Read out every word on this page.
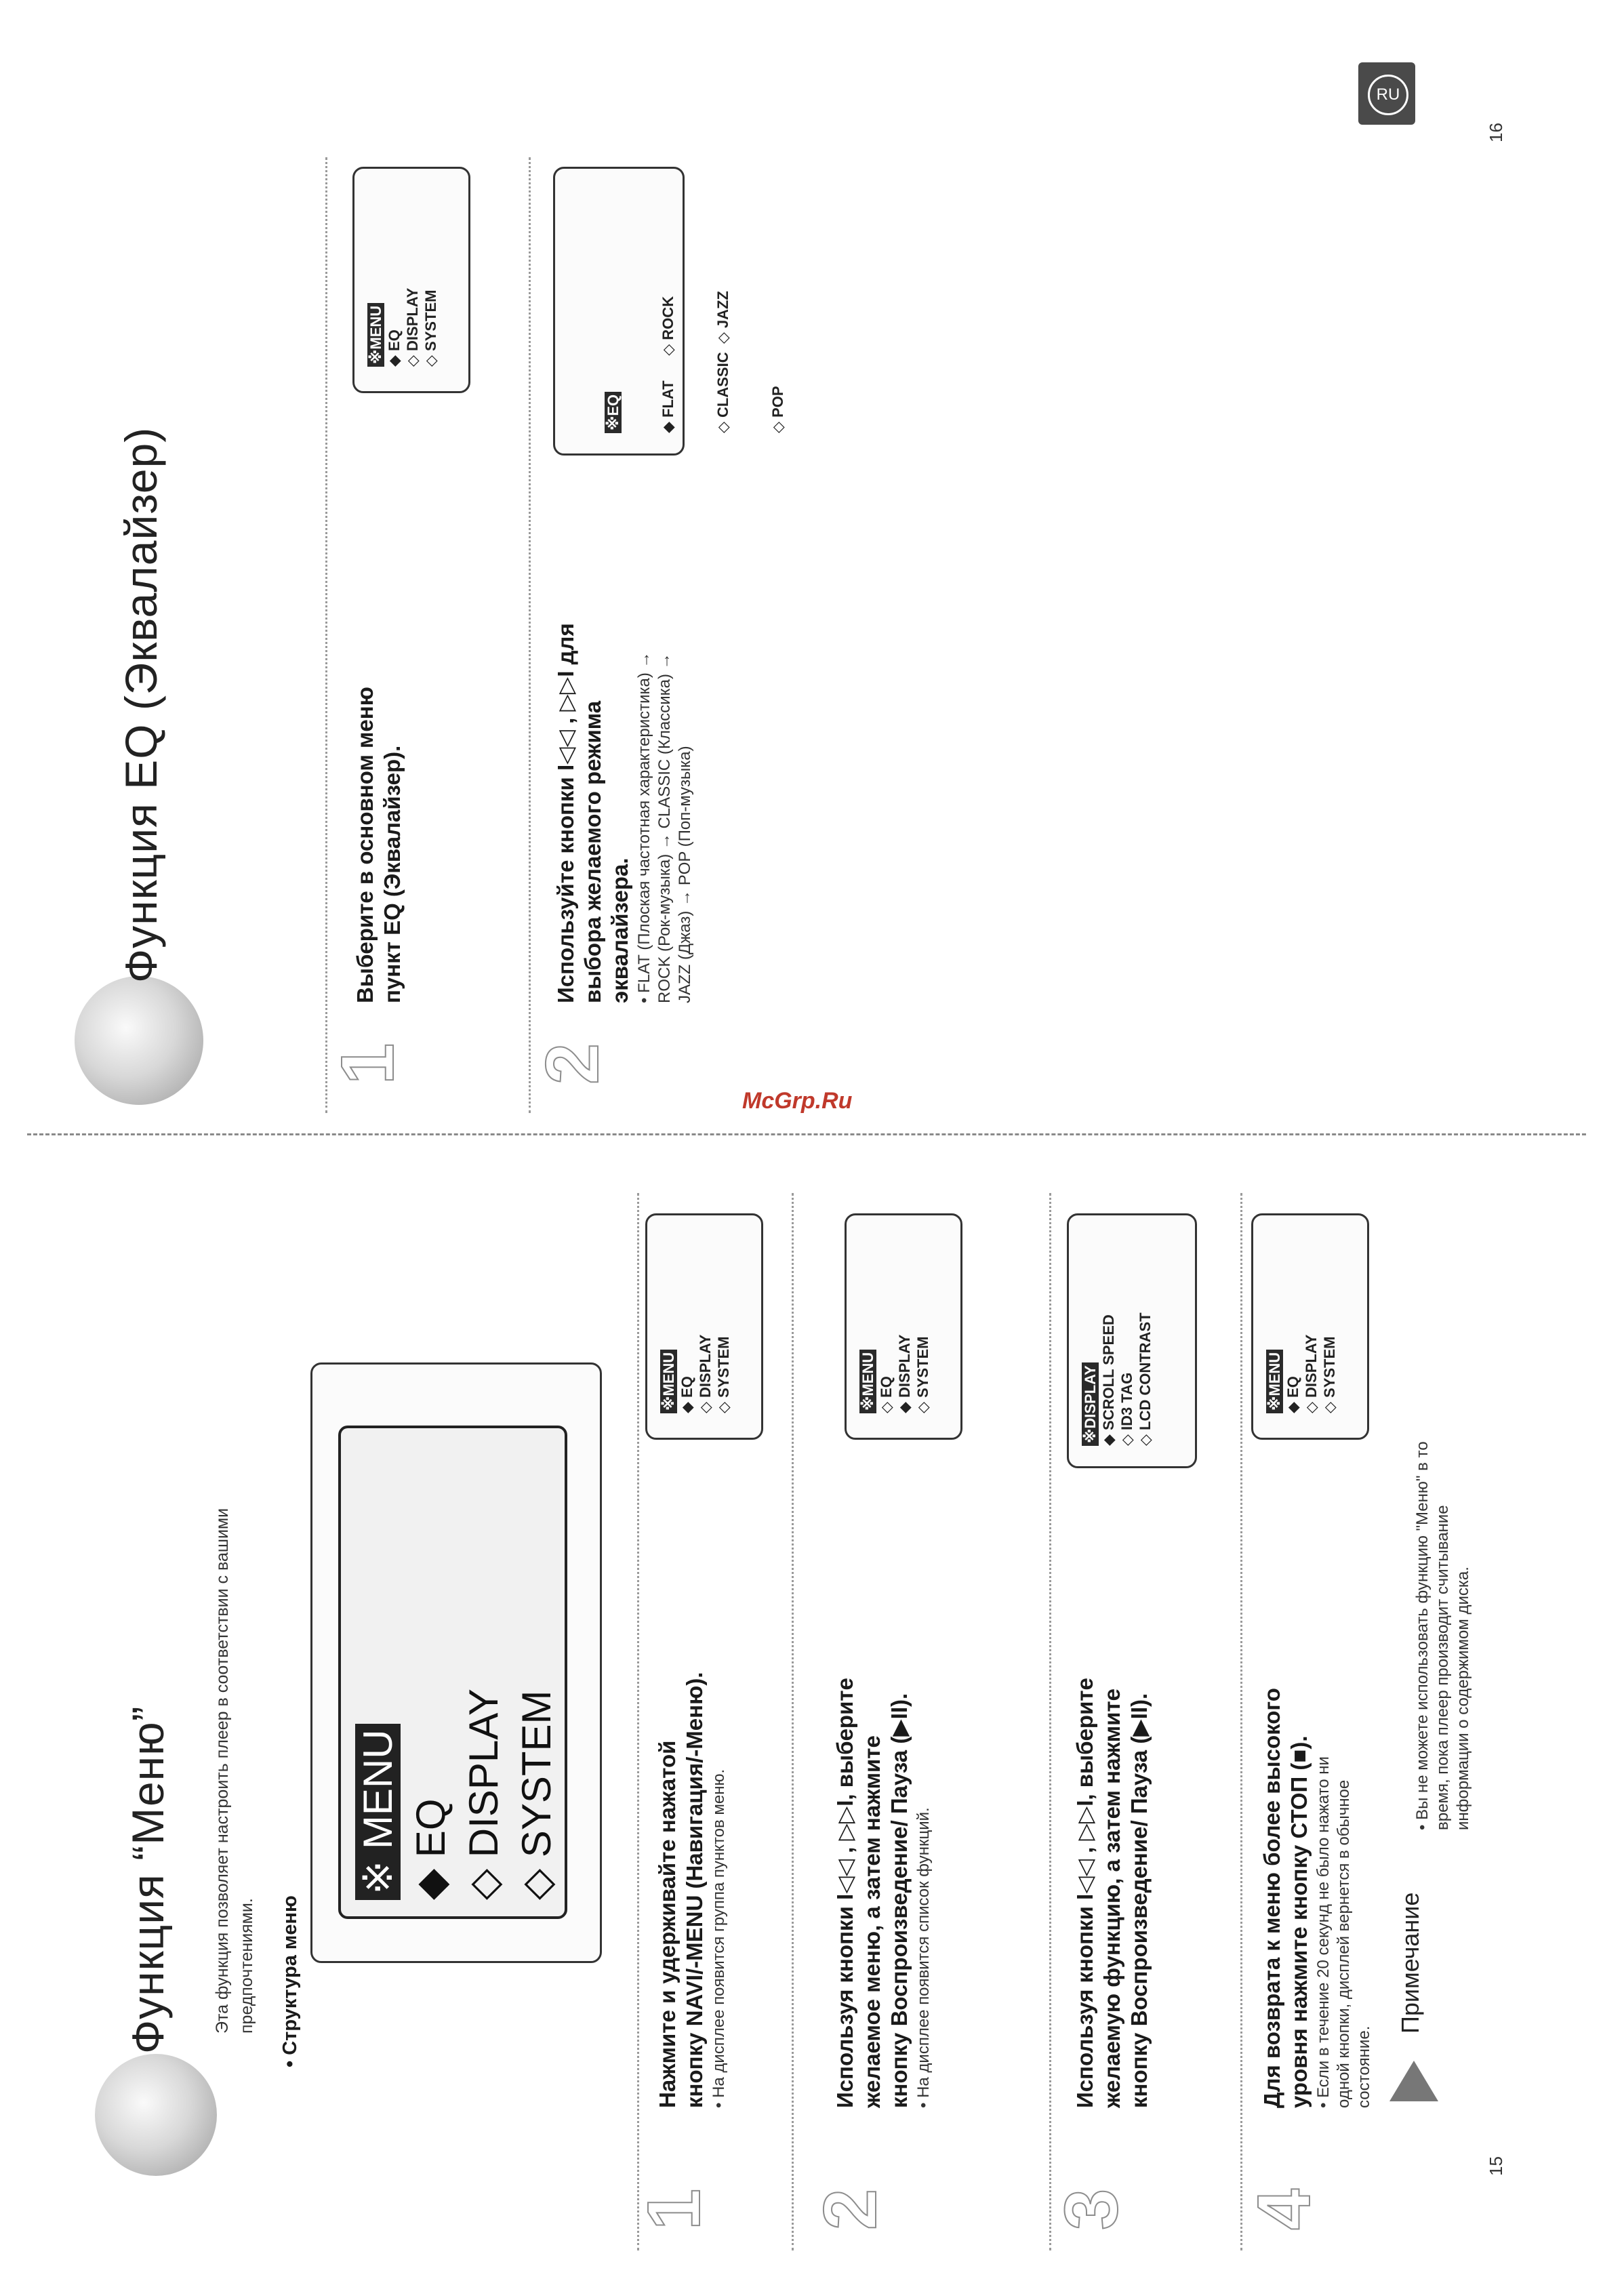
Функция “Меню” Эта функция позволяет настроить плеер в соответствии с вашими предпочтениями. • Структура меню
※ MENU ◆ EQ ◇ DISPLAY ◇ SYSTEM
1
Нажмите и удерживайте нажатой кнопку NAVI/-MENU (Навигация/-Меню). • На дисплее появится группа пунктов меню.
※MENU ◆ EQ ◇ DISPLAY ◇ SYSTEM
2
Используя кнопки I◁◁ , ▷▷I, выберите желаемое меню, а затем нажмите кнопку Воспроизведение/ Пауза (▶II). • На дисплее появится список функций.
※MENU ◇ EQ ◆ DISPLAY ◇ SYSTEM
3
Используя кнопки I◁◁ , ▷▷I, выберите желаемую функцию, а затем нажмите кнопку Воспроизведение/ Пауза (▶II).
※DISPLAY ◆ SCROLL SPEED ◇ ID3 TAG ◇ LCD CONTRAST
4
Для возврата к меню более высокого уровня нажмите кнопку СТОП (■). • Если в течение 20 секунд не было нажато ни одной кнопки, дисплей вернется в обычное состояние.
※MENU ◆ EQ ◇ DISPLAY ◇ SYSTEM
Примечание
• Вы не можете использовать функцию "Меню" в то время, пока плеер производит считывание информации о содержимом диска.
15
McGrp.Ru
Функция EQ (Эквалайзер)
RU
1
Выберите в основном меню пункт EQ (Эквалайзер).
※MENU ◆ EQ ◇ DISPLAY ◇ SYSTEM
2
Используйте кнопки I◁◁ , ▷▷I для выбора желаемого режима эквалайзера. • FLAT (Плоская частотная характеристика) → ROCK (Рок-музыка) → CLASSIC (Классика) → JAZZ (Джаз) → POP (Поп-музыка)

※EQ

	◆ FLAT      ◇ ROCK

	◇ CLASSIC  ◇ JAZZ

	◇ POP

16
